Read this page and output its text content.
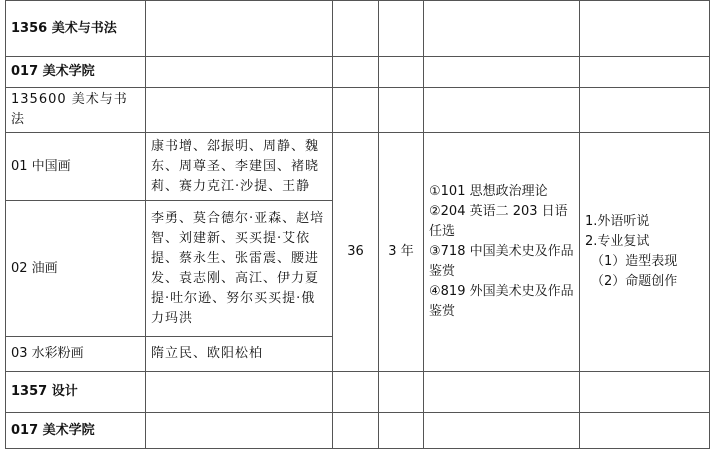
1356 美术与书法					
017 美术学院					
135600 美术与书法					
01 中国画	康书增、郐振明、周静、魏东、周尊圣、李建国、褚晓莉、赛力克江·沙提、王静	36	3 年	①101 思想政治理论
②204 英语二 203 日语任选
③718 中国美术史及作品鉴赏
④819 外国美术史及作品鉴赏	1.外语听说
2.专业复试
（1）造型表现
（2）命题创作

02 油画	李勇、莫合德尔·亚森、赵培智、刘建新、买买提·艾依提、蔡永生、张雷震、腰进发、袁志刚、高江、伊力夏提·吐尔逊、努尔买买提·俄力玛洪				
03 水彩粉画	隋立民、欧阳松柏				
1357 设计					
017 美术学院					
